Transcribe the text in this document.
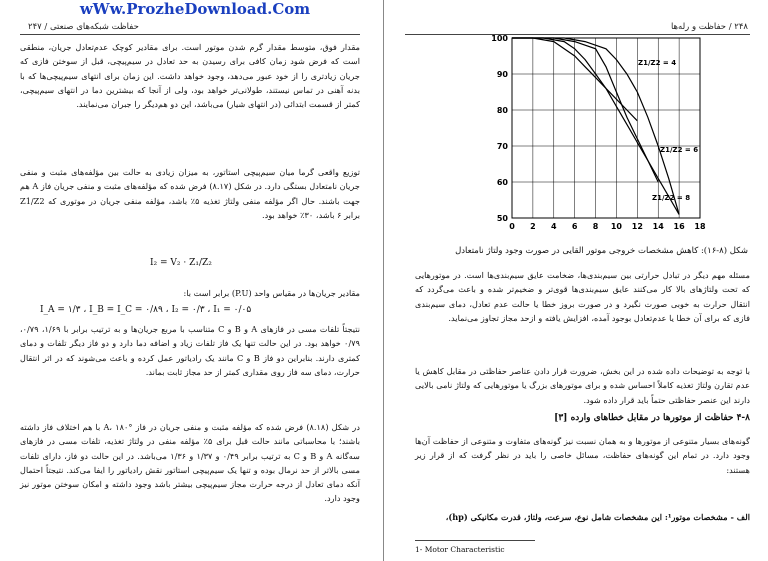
wWw.ProzheDownload.Com
حفاظت شبکه‌های صنعتی / ۲۴۷
مقدار فوق، متوسط مقدار گرم شدن موتور است. برای مقادیر کوچک عدم‌تعادل جریان، منطقی است که فرض شود زمان کافی برای رسیدن به حد تعادل در سیم‌پیچی، قبل از سوختن فازی که جریان زیادتری را از خود عبور می‌دهد، وجود خواهد داشت. این زمان برای انتهای سیم‌پیچی‌ها که با بدنه آهنی در تماس نیستند، طولانی‌تر خواهد بود، ولی از آنجا که بیشترین دما در انتهای سیم‌پیچی، کمتر از قسمت ابتدائی (در انتهای شیار) می‌باشد، این دو هم‌دیگر را جبران می‌نمایند.
توزیع واقعی گرما میان سیم‌پیچی استاتور، به میزان زیادی به حالت بین مؤلفه‌های مثبت و منفی جریان نامتعادل بستگی دارد. در شکل (۸.۱۷) فرض شده که مؤلفه‌های مثبت و منفی جریان فاز A هم جهت باشند. حال اگر مؤلفه منفی ولتاژ تغذیه ۵٪ باشد، مؤلفه منفی جریان در موتوری که Z1/Z2 برابر ۶ باشد، ۳۰٪ خواهد بود.
I₂ = V₂ · Z₁/Z₂
مقادیر جریان‌ها در مقیاس واحد (P.U) برابر است با:
I_A = ۱/۳ ، I_B = I_C = ۰/۸۹ ، I₂ = ۰/۳ ، I₁ = ۰/۰۵
نتیجتاً تلفات مسی در فازهای A و B و C متناسب با مربع جریان‌ها و به ترتیب برابر با ۱/۶۹، ۰/۷۹، ۰/۷۹ خواهد بود. در این حالت تنها یک فاز تلفات زیاد و اضافه دما دارد و دو فاز دیگر تلفات و دمای کمتری دارند. بنابراین دو فاز B و C مانند یک رادیاتور عمل کرده و باعث می‌شوند که در اثر انتقال حرارت، دمای سه فاز روی مقداری کمتر از حد مجاز ثابت بماند.
در شکل (۸.۱۸) فرض شده که مؤلفه مثبت و منفی جریان در فاز A، ۱۸۰° با هم اختلاف فاز داشته باشند؛ با محاسباتی مانند حالت قبل برای ۵٪ مؤلفه منفی در ولتاژ تغذیه، تلفات مسی در فازهای سه‌گانه A و B و C به ترتیب برابر ۰/۴۹ و ۱/۳۷ و ۱/۳۶ می‌باشد. در این حالت دو فاز، دارای تلفات مسی بالاتر از حد نرمال بوده و تنها یک سیم‌پیچی استاتور نقش رادیاتور را ایفا می‌کند. نتیجتاً احتمال آنکه دمای تعادل از درجه حرارت مجاز سیم‌پیچی بیشتر باشد وجود داشته و امکان سوختن موتور نیز وجود دارد.
۲۴۸ / حفاظت و رله‌ها
0 2 4 6 8 10 12 14 16 18
100
90
80
70
60
50
Z1/Z2 = 4
Z1/Z2 = 6
Z1/Z2 = 8
شکل (۸-۱۶): کاهش مشخصات خروجی موتور القایی در صورت وجود ولتاژ نامتعادل
مسئله مهم دیگر در تبادل حرارتی بین سیم‌بندی‌ها، ضخامت عایق سیم‌بندی‌ها است. در موتورهایی که تحت ولتاژهای بالا کار می‌کنند عایق سیم‌بندی‌ها قوی‌تر و ضخیم‌تر شده و باعث می‌گردد که انتقال حرارت به خوبی صورت نگیرد و در صورت بروز خطا یا حالت عدم تعادل، دمای سیم‌بندی فازی که برای آن خطا یا عدم‌تعادل بوجود آمده، افزایش یافته و ازحد مجاز تجاوز می‌نماید.
با توجه به توضیحات داده شده در این بخش، ضرورت قرار دادن عناصر حفاظتی در مقابل کاهش یا عدم تقارن ولتاژ تغذیه کاملاً احساس شده و برای موتورهای بزرگ یا موتورهایی که ولتاژ نامی بالایی دارند این عنصر حفاظتی حتماً باید قرار داده شود.
۴-۸ حفاظت از موتورها در مقابل خطاهای وارده [۳]
گونه‌های بسیار متنوعی از موتورها و به همان نسبت نیز گونه‌های متفاوت و متنوعی از حفاظت آن‌ها وجود دارد. در تمام این گونه‌های حفاظت، مسائل خاصی را باید در نظر گرفت که از قرار زیر هستند:
الف - مشخصات موتور¹: این مشخصات شامل نوع، سرعت، ولتاژ، قدرت مکانیکی (hp)،
1- Motor Characteristic
